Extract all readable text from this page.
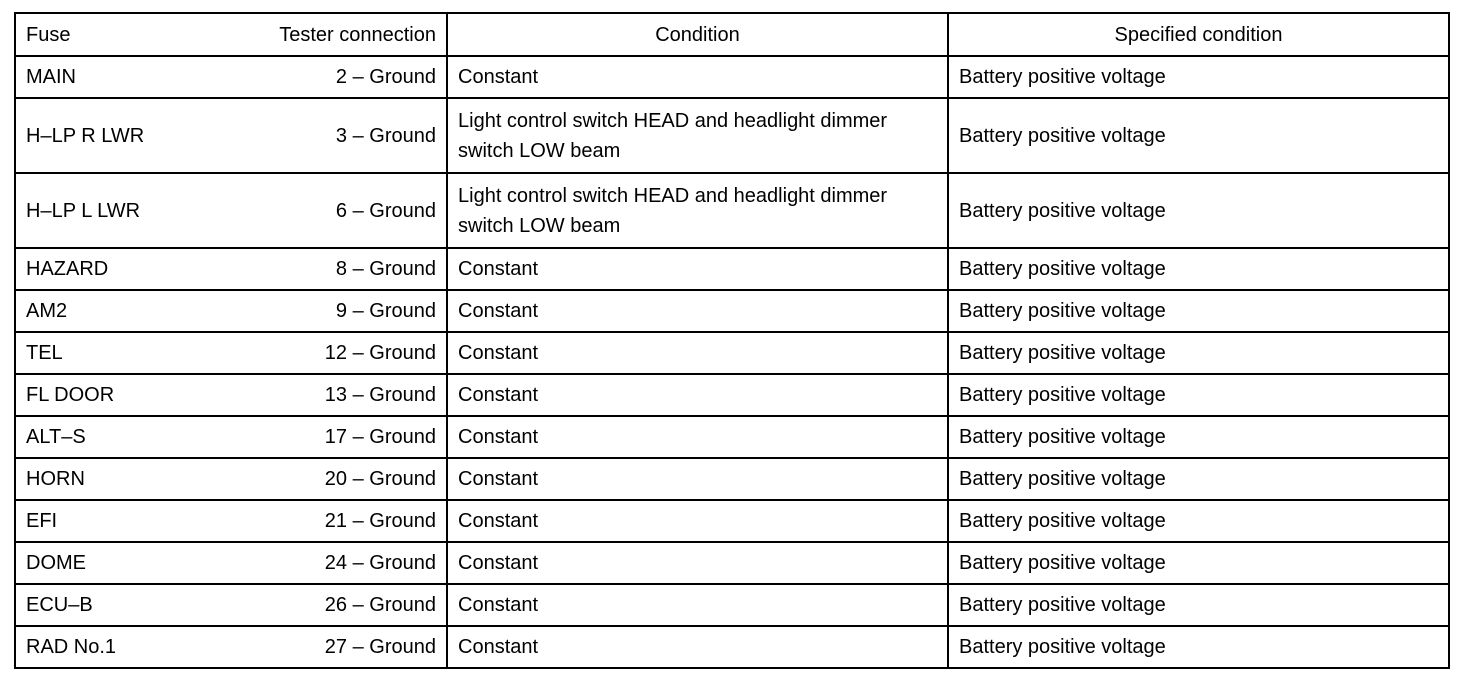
Fuse Tester connection	Condition	Specified condition

MAIN 2 – Ground	Constant	Battery positive voltage

H–LP R LWR 3 – Ground	Light control switch HEAD and headlight dimmer switch LOW beam	Battery positive voltage

H–LP L LWR 6 – Ground	Light control switch HEAD and headlight dimmer switch LOW beam	Battery positive voltage

HAZARD 8 – Ground	Constant	Battery positive voltage

AM2 9 – Ground	Constant	Battery positive voltage

TEL 12 – Ground	Constant	Battery positive voltage

FL DOOR 13 – Ground	Constant	Battery positive voltage

ALT–S 17 – Ground	Constant	Battery positive voltage

HORN 20 – Ground	Constant	Battery positive voltage

EFI 21 – Ground	Constant	Battery positive voltage

DOME 24 – Ground	Constant	Battery positive voltage

ECU–B 26 – Ground	Constant	Battery positive voltage

RAD No.1 27 – Ground	Constant	Battery positive voltage
